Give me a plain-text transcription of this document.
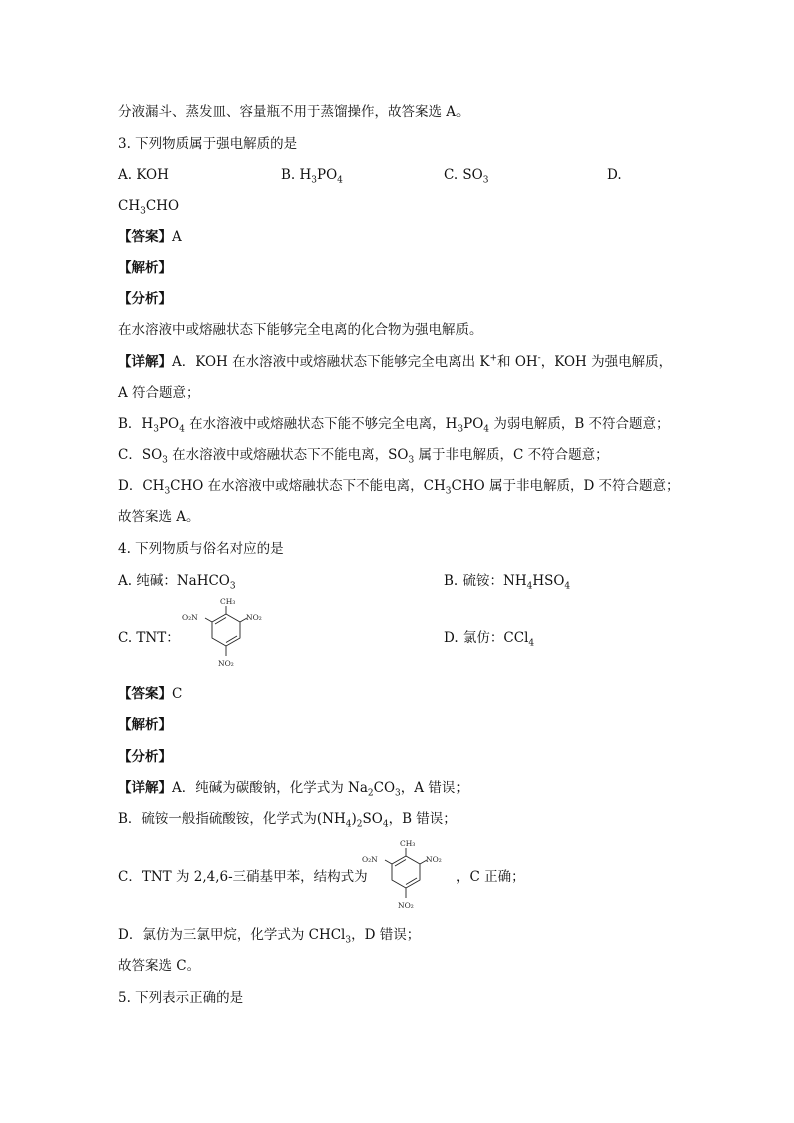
分液漏斗、蒸发皿、容量瓶不用于蒸馏操作，故答案选 A。
3. 下列物质属于强电解质的是
A. KOH	B. $H_3PO_4$	C. $SO_3$	D.
$CH_3CHO$
【答案】A
【解析】
【分析】
在水溶液中或熔融状态下能够完全电离的化合物为强电解质。
【详解】A．KOH 在水溶液中或熔融状态下能够完全电离出 K+和 OH-，KOH 为强电解质，
A 符合题意；
B．$H_3PO_4$ 在水溶液中或熔融状态下能不够完全电离，$H_3PO_4$ 为弱电解质，B 不符合题意；
C．$SO_3$ 在水溶液中或熔融状态下不能电离，$SO_3$ 属于非电解质，C 不符合题意；
D．$CH_3CHO$ 在水溶液中或熔融状态下不能电离，$CH_3CHO$ 属于非电解质，D 不符合题意；
故答案选 A。
4. 下列物质与俗名对应的是
A. 纯碱：NaHCO$_3$	B. 硫铵：$NH_4HSO_4$
C. TNT：
CH₃
O₂N	NO₂
NO₂
D. 氯仿：CCl$_4$
【答案】C
【解析】
【分析】
【详解】A．纯碱为碳酸钠，化学式为 $Na_2CO_3$，A 错误；
B．硫铵一般指硫酸铵，化学式为$(NH_4)_2SO_4$，B 错误；
C．TNT 为 2,4,6-三硝基甲苯，结构式为
CH₃
O₂N	NO₂
NO₂
，C 正确；
D．氯仿为三氯甲烷，化学式为 CHCl$_3$，D 错误；
故答案选 C。
5. 下列表示正确的是
